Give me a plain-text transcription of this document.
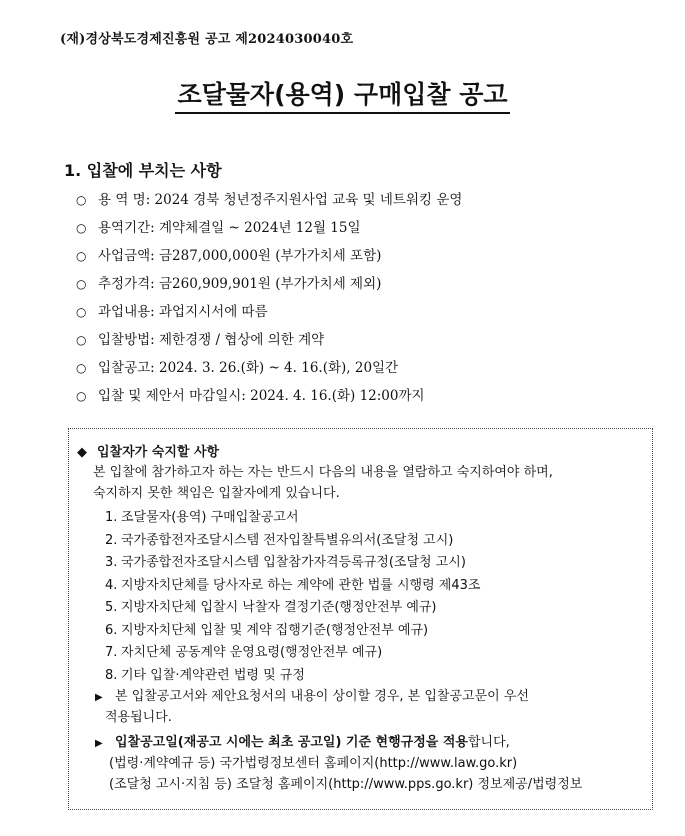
(재)경상북도경제진흥원 공고 제2024030040호
조달물자(용역) 구매입찰 공고
1. 입찰에 부치는 사항
○ 용 역 명: 2024 경북 청년정주지원사업 교육 및 네트워킹 운영
○ 용역기간: 계약체결일 ~ 2024년 12월 15일
○ 사업금액: 금287,000,000원 (부가가치세 포함)
○ 추정가격: 금260,909,901원 (부가가치세 제외)
○ 과업내용: 과업지시서에 따름
○ 입찰방법: 제한경쟁 / 협상에 의한 계약
○ 입찰공고: 2024. 3. 26.(화) ~ 4. 16.(화), 20일간
○ 입찰 및 제안서 마감일시: 2024. 4. 16.(화) 12:00까지
◆ 입찰자가 숙지할 사항
본 입찰에 참가하고자 하는 자는 반드시 다음의 내용을 열람하고 숙지하여야 하며,
숙지하지 못한 책임은 입찰자에게 있습니다.
1. 조달물자(용역) 구매입찰공고서
2. 국가종합전자조달시스템 전자입찰특별유의서(조달청 고시)
3. 국가종합전자조달시스템 입찰참가자격등록규정(조달청 고시)
4. 지방자치단체를 당사자로 하는 계약에 관한 법률 시행령 제43조
5. 지방자치단체 입찰시 낙찰자 결정기준(행정안전부 예규)
6. 지방자치단체 입찰 및 계약 집행기준(행정안전부 예규)
7. 자치단체 공동계약 운영요령(행정안전부 예규)
8. 기타 입찰·계약관련 법령 및 규정
▶ 본 입찰공고서와 제안요청서의 내용이 상이할 경우, 본 입찰공고문이 우선
적용됩니다.
▶ 입찰공고일(재공고 시에는 최초 공고일) 기준 현행규정을 적용합니다,
(법령·계약예규 등) 국가법령정보센터 홈페이지(http://www.law.go.kr)
(조달청 고시·지침 등) 조달청 홈페이지(http://www.pps.go.kr) 정보제공/법령정보
